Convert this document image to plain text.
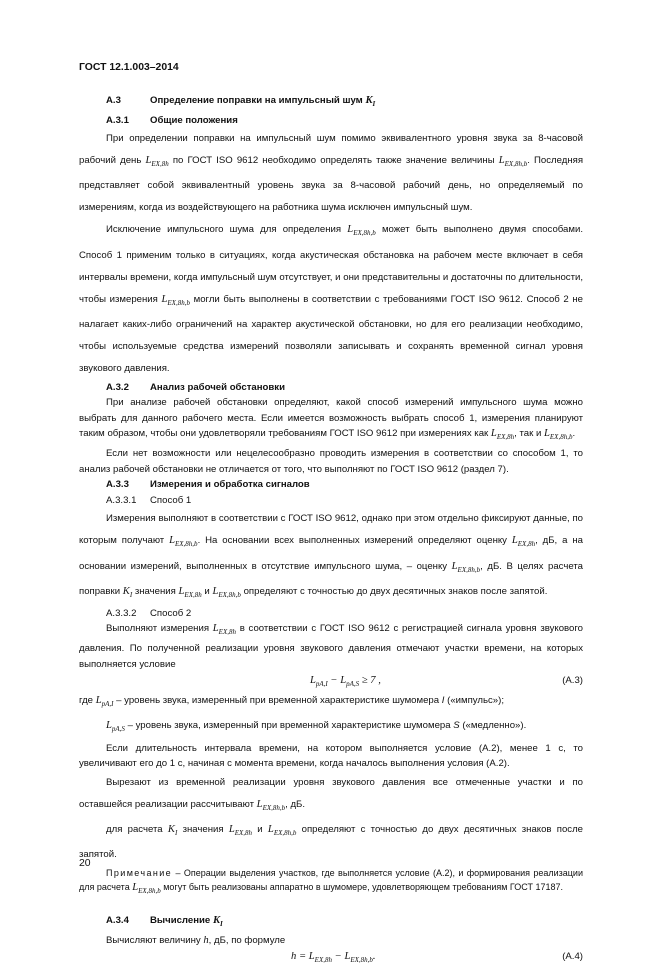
ГОСТ 12.1.003–2014

А.3	Определение поправки на импульсный шум $K_I$

А.3.1 Общие положения

При определении поправки на импульсный шум помимо эквивалентного уровня звука за 8-часовой рабочий день $L_{EX,8h}$ по ГОСТ ISO 9612 необходимо определять также значение величины $L_{EX,8h,b}$. Последняя представляет собой эквивалентный уровень звука за 8-часовой рабочий день, но определяемый по измерениям, когда из воздействующего на работника шума исключен импульсный шум.

Исключение импульсного шума для определения $L_{EX,8h,b}$ может быть выполнено двумя способами. Способ 1 применим только в ситуациях, когда акустическая обстановка на рабочем месте включает в себя интервалы времени, когда импульсный шум отсутствует, и они представительны и достаточны по длительности, чтобы измерения $L_{EX,8h,b}$ могли быть выполнены в соответствии с требованиями ГОСТ ISO 9612. Способ 2 не налагает каких-либо ограничений на характер акустической обстановки, но для его реализации необходимо, чтобы используемые средства измерений позволяли записывать и сохранять временной сигнал уровня звукового давления.

А.3.2 Анализ рабочей обстановки

При анализе рабочей обстановки определяют, какой способ измерений импульсного шума можно выбрать для данного рабочего места. Если имеется возможность выбрать способ 1, измерения планируют таким образом, чтобы они удовлетворяли требованиям ГОСТ ISO 9612 при измерениях как $L_{EX,8h}$, так и $L_{EX,8h,b}$.

Если нет возможности или нецелесообразно проводить измерения в соответствии со способом 1, то анализ рабочей обстановки не отличается от того, что выполняют по ГОСТ ISO 9612 (раздел 7).

А.3.3 Измерения и обработка сигналов

А.3.3.1 Способ 1

Измерения выполняют в соответствии с ГОСТ ISO 9612, однако при этом отдельно фиксируют данные, по которым получают $L_{EX,8h,b}$. На основании всех выполненных измерений определяют оценку $L_{EX,8h}$, дБ, а на основании измерений, выполненных в отсутствие импульсного шума, – оценку $L_{EX,8h,b}$, дБ. В целях расчета поправки $K_I$ значения $L_{EX,8h}$ и $L_{EX,8h,b}$ определяют с точностью до двух десятичных знаков после запятой.

А.3.3.2 Способ 2

Выполняют измерения $L_{EX,8h}$ в соответствии с ГОСТ ISO 9612 с регистрацией сигнала уровня звукового давления. По полученной реализации уровня звукового давления отмечают участки времени, на которых выполняется условие

$L_{pA,I} - L_{pA,S} \ge 7$ ,	(А.3)

где $L_{pA,I}$ – уровень звука, измеренный при временной характеристике шумомера I («импульс»);

$L_{pA,S}$ – уровень звука, измеренный при временной характеристике шумомера S («медленно»).

Если длительность интервала времени, на котором выполняется условие (А.2), менее 1 с, то увеличивают его до 1 с, начиная с момента времени, когда началось выполнения условия (А.2).

Вырезают из временной реализации уровня звукового давления все отмеченные участки и по оставшейся реализации рассчитывают $L_{EX,8h,b}$, дБ.

для расчета $K_I$ значения $L_{EX,8h}$ и $L_{EX,8h,b}$ определяют с точностью до двух десятичных знаков после запятой.

Примечание – Операции выделения участков, где выполняется условие (А.2), и формирования реализации для расчета $L_{EX,8h,b}$ могут быть реализованы аппаратно в шумомере, удовлетворяющем требованиям ГОСТ 17187.

А.3.4 Вычисление $K_I$

Вычисляют величину h, дБ, по формуле

$h = L_{EX,8h} - L_{EX,8h,b}$.	(А.4)

20
